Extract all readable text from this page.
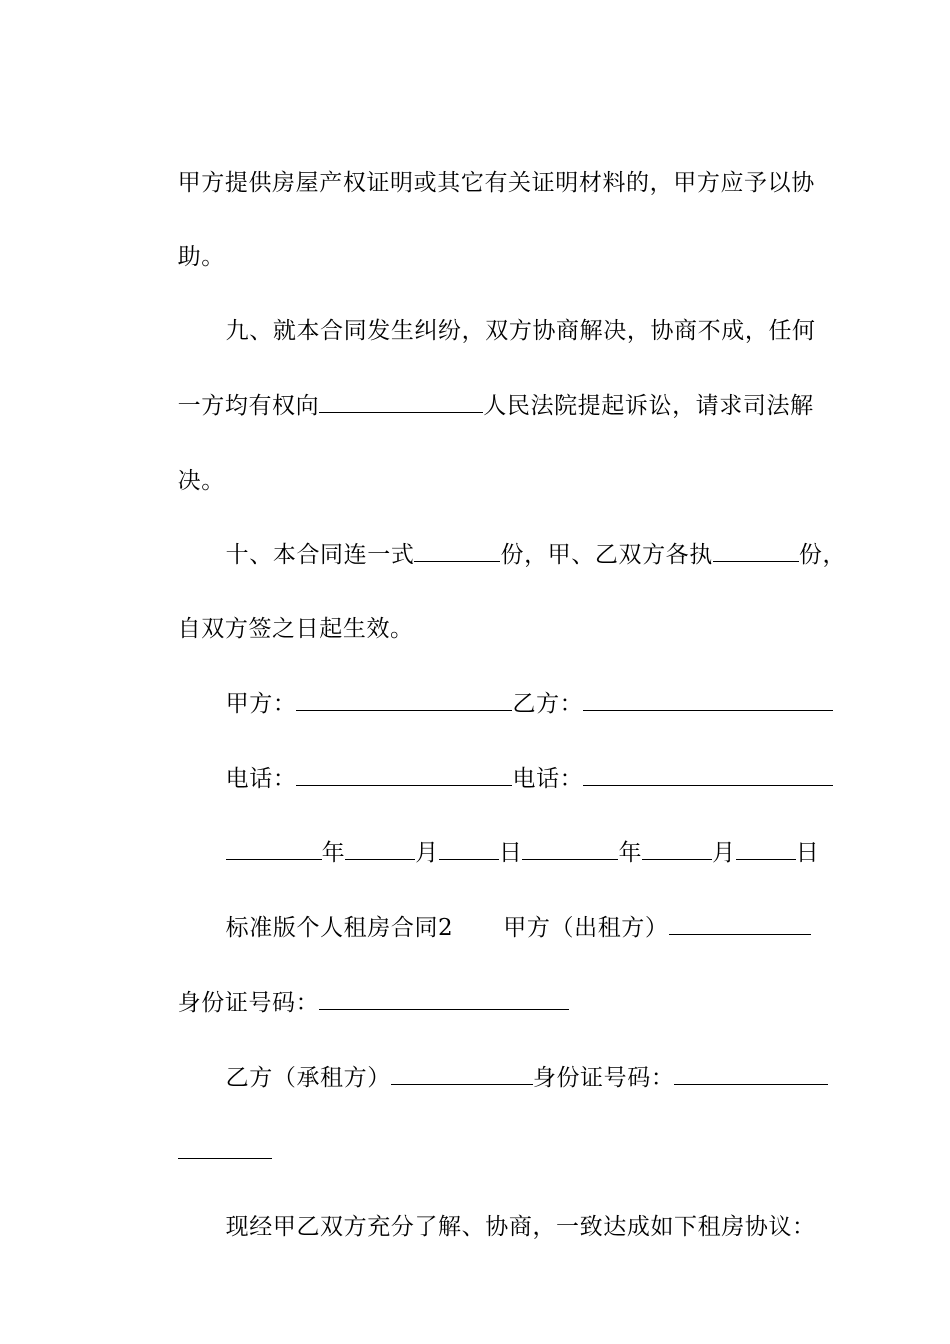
甲方提供房屋产权证明或其它有关证明材料的，甲方应予以协

助。

九、就本合同发生纠纷，双方协商解决，协商不成，任何

一方均有权向	人民法院提起诉讼，请求司法解

决。

十、本合同连一式	份，甲、乙双方各执	份，

自双方签之日起生效。

甲方：	乙方：

电话：	电话：

年	月	日	年	月	日

标准版个人租房合同2 甲方（出租方）

身份证号码：

乙方（承租方）	身份证号码：

现经甲乙双方充分了解、协商，一致达成如下租房协议：
